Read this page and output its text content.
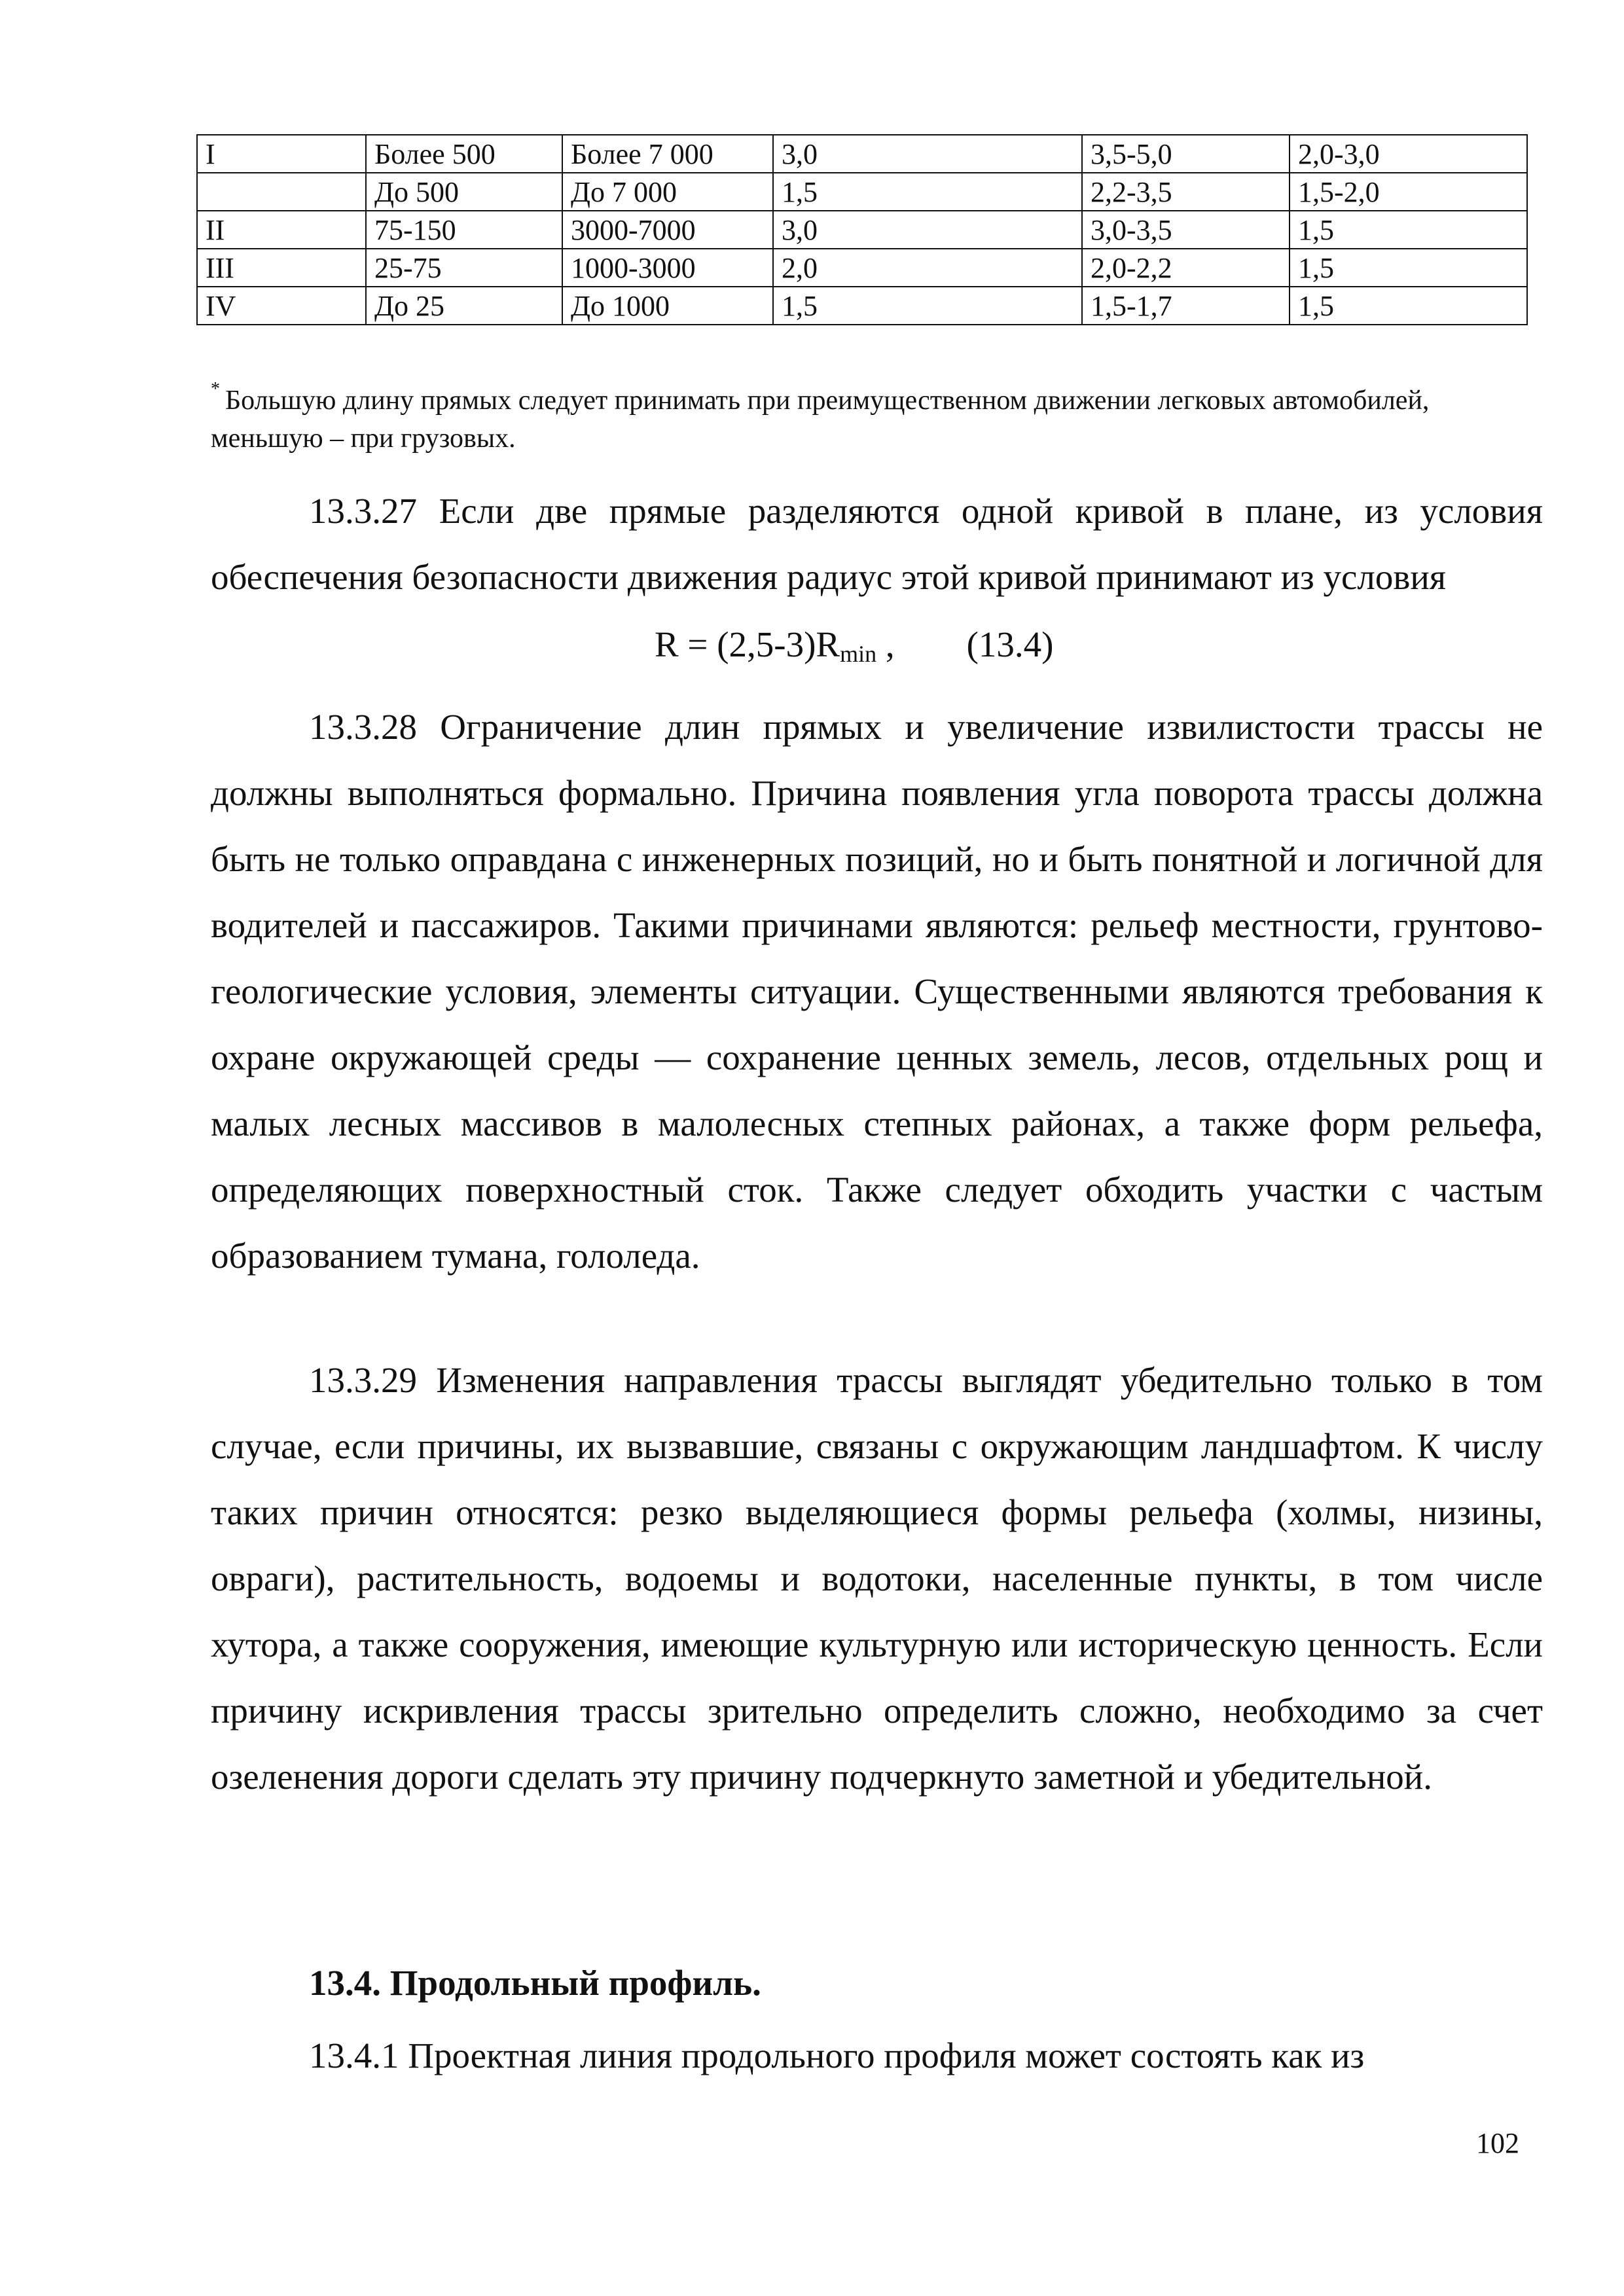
I	Более 500	Более 7 000	3,0	3,5-5,0	2,0-3,0
	До 500	До 7 000	1,5	2,2-3,5	1,5-2,0
II	75-150	3000-7000	3,0	3,0-3,5	1,5
III	25-75	1000-3000	2,0	2,0-2,2	1,5
IV	До 25	До 1000	1,5	1,5-1,7	1,5
* Большую длину прямых следует принимать при преимущественном движении легковых автомобилей, меньшую – при грузовых.

13.3.27 Если две прямые разделяются одной кривой в плане, из условия обеспечения безопасности движения радиус этой кривой принимают из условия

$R = (2,5-3)R_{min}$ , (13.4)

13.3.28 Ограничение длин прямых и увеличение извилистости трассы не должны выполняться формально. Причина появления угла поворота трассы должна быть не только оправдана с инженерных позиций, но и быть понятной и логичной для водителей и пассажиров. Такими причинами являются: рельеф местности, грунтово-геологические условия, элементы ситуации. Существенными являются требования к охране окружающей среды — сохранение ценных земель, лесов, отдельных рощ и малых лесных массивов в малолесных степных районах, а также форм рельефа, определяющих поверхностный сток. Также следует обходить участки с частым образованием тумана, гололеда.

13.3.29 Изменения направления трассы выглядят убедительно только в том случае, если причины, их вызвавшие, связаны с окружающим ландшафтом. К числу таких причин относятся: резко выделяющиеся формы рельефа (холмы, низины, овраги), растительность, водоемы и водотоки, населенные пункты, в том числе хутора, а также сооружения, имеющие культурную или историческую ценность. Если причину искривления трассы зрительно определить сложно, необходимо за счет озеленения дороги сделать эту причину подчеркнуто заметной и убедительной.

13.4. Продольный профиль.

13.4.1 Проектная линия продольного профиля может состоять как из

102
